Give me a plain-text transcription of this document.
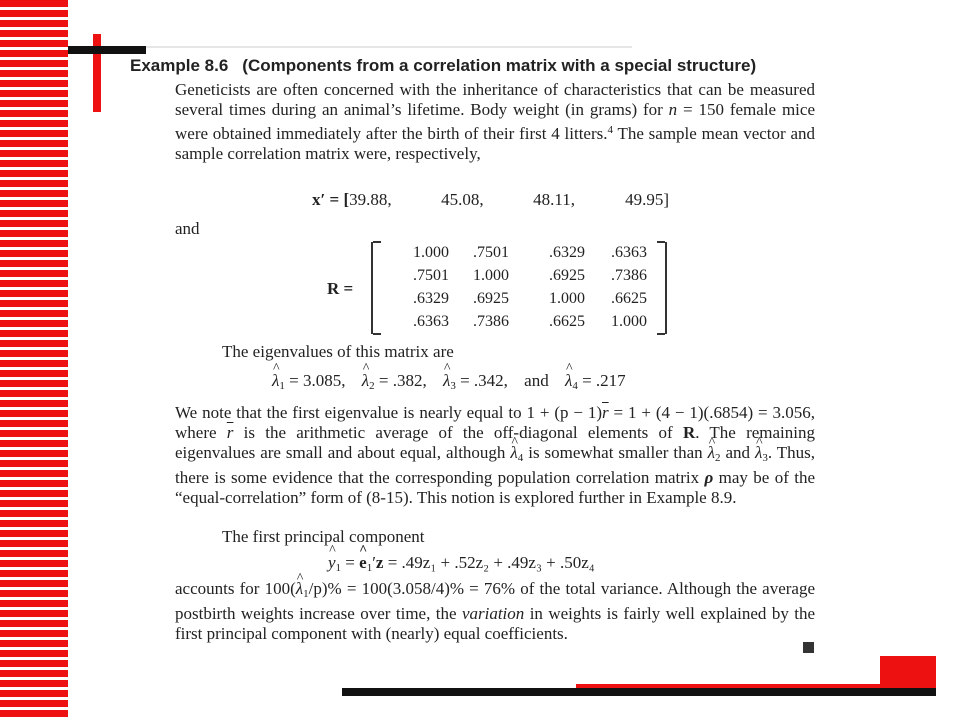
Example 8.6 (Components from a correlation matrix with a special structure)

Geneticists are often concerned with the inheritance of characteristics that can be measured several times during an animal’s lifetime. Body weight (in grams) for n = 150 female mice were obtained immediately after the birth of their first 4 litters.$^4$ The sample mean vector and sample correlation matrix were, respectively,

x′ = [39.88,	45.08,	48.11,	49.95]
and
R =
1.000	.7501	.6329	.6363
.7501	1.000	.6925	.7386
.6329	.6925	1.000	.6625
.6363	.7386	.6625	1.000
The eigenvalues of this matrix are
^ $\lambda_1 = 3.085$, ^ $\lambda_2 = .382$, ^ $\lambda_3 = .342$, and ^ $\lambda_4 = .217$

We note that the first eigenvalue is nearly equal to $1 + (p - 1)\overline{r} = 1 + (4 - 1)(.6854) = 3.056$, where $\overline{r}$ is the arithmetic average of the off-diagonal elements of R. The remaining eigenvalues are small and about equal, although ^ $\lambda_4$ is somewhat smaller than ^ $\lambda_2$ and ^ $\lambda_3$. Thus, there is some evidence that the corresponding population correlation matrix ρ may be of the “equal-correlation” form of (8-15). This notion is explored further in Example 8.9.

The first principal component
^ $y_1$ = ^ $e_1'z = .49z_1 + .52z_2 + .49z_3 + .50z_4$

accounts for 100(^ $\lambda_1/p)\% = 100(3.058/4)\% = 76\%$ of the total variance. Although the average postbirth weights increase over time, the variation in weights is fairly well explained by the first principal component with (nearly) equal coefficients.
